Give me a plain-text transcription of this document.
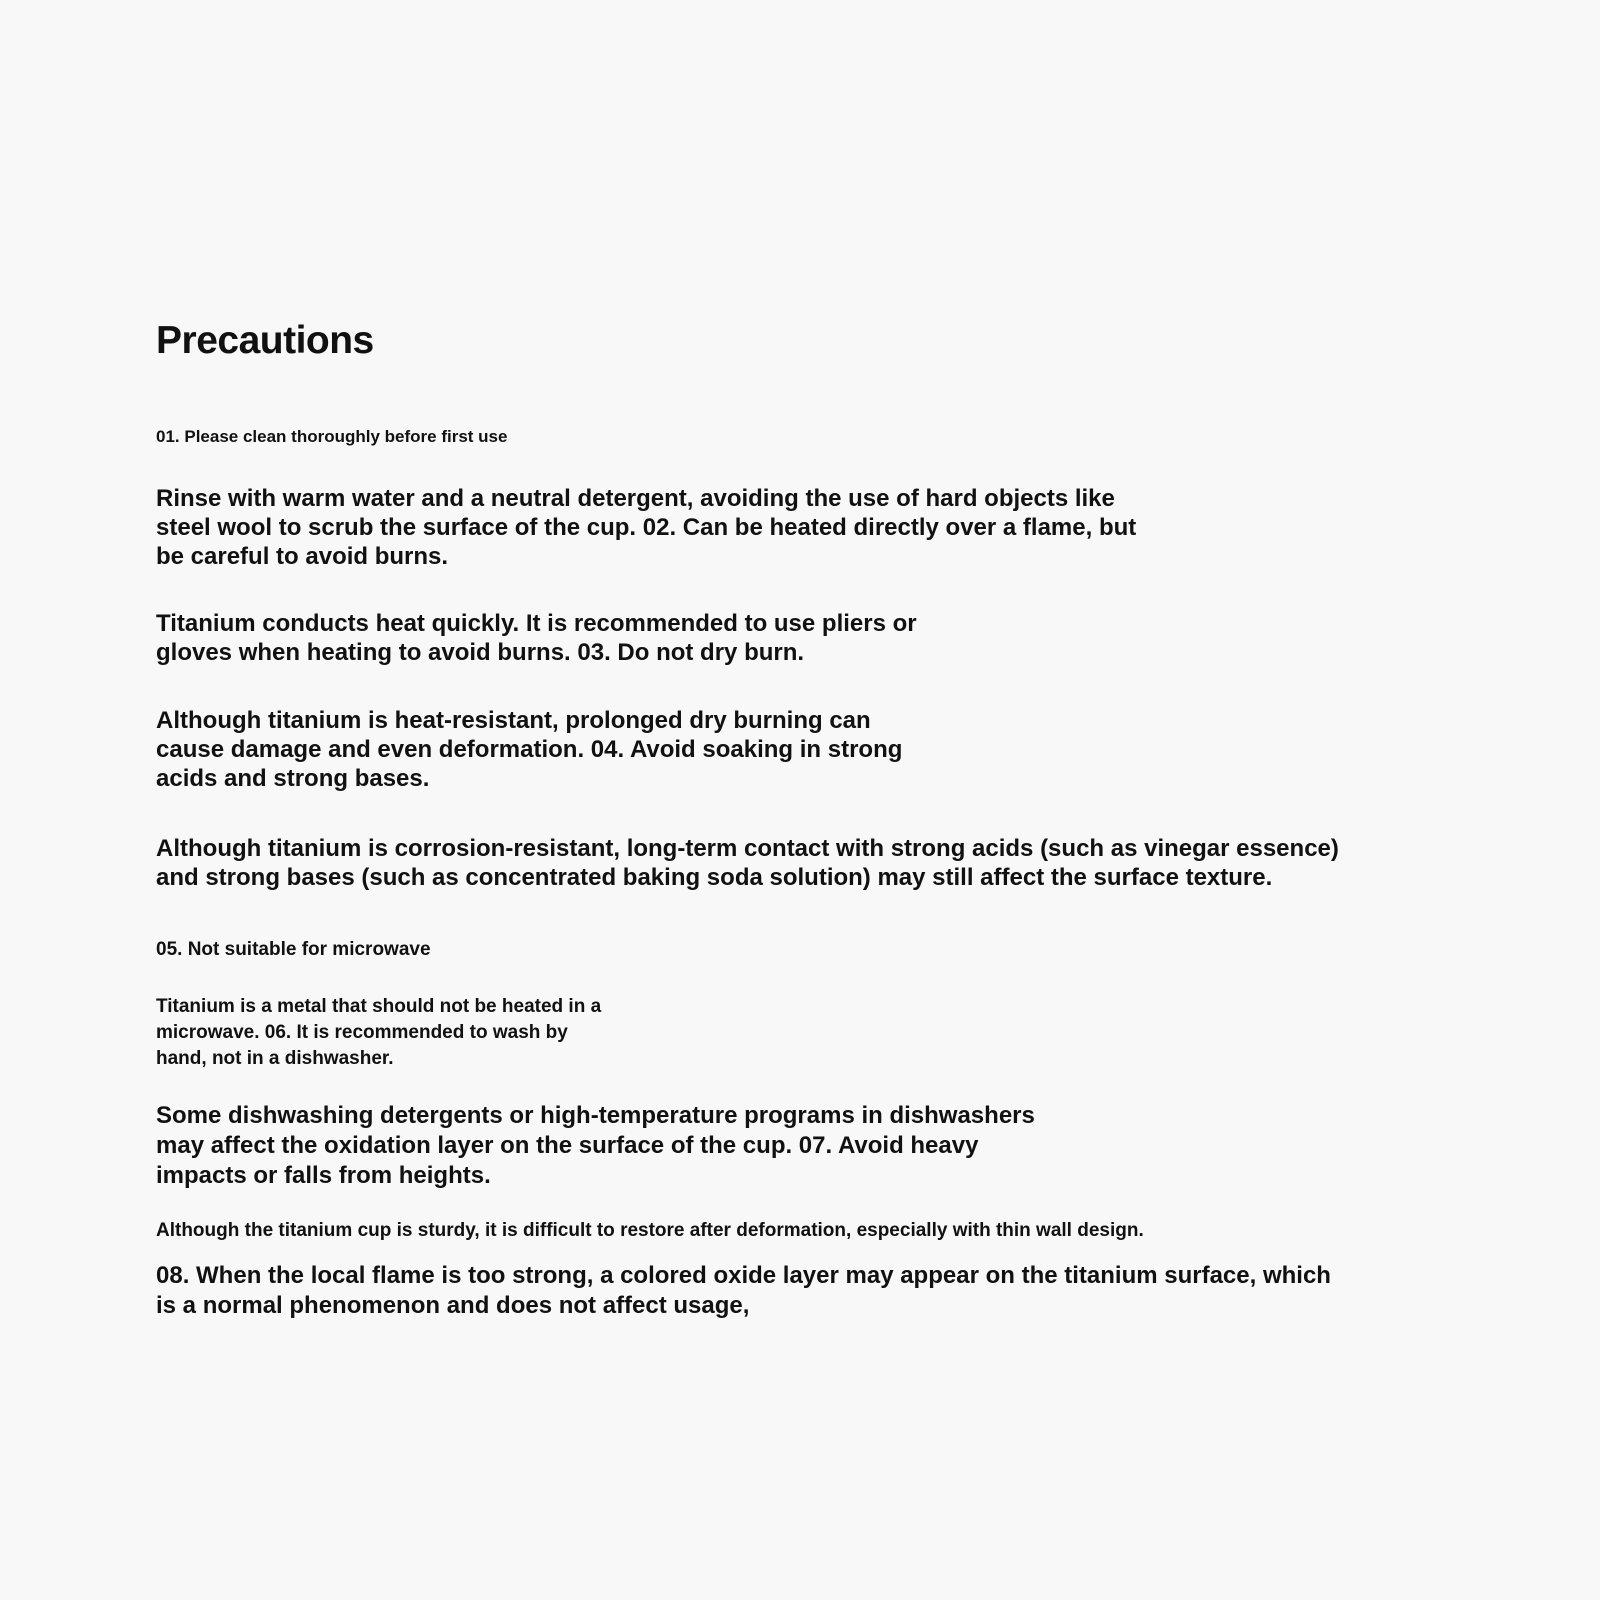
Precautions

01. Please clean thoroughly before first use

Rinse with warm water and a neutral detergent, avoiding the use of hard objects like
steel wool to scrub the surface of the cup. 02. Can be heated directly over a flame, but
be careful to avoid burns.

Titanium conducts heat quickly. It is recommended to use pliers or
gloves when heating to avoid burns. 03. Do not dry burn.

Although titanium is heat-resistant, prolonged dry burning can
cause damage and even deformation. 04. Avoid soaking in strong
acids and strong bases.

Although titanium is corrosion-resistant, long-term contact with strong acids (such as vinegar essence)
and strong bases (such as concentrated baking soda solution) may still affect the surface texture.

05. Not suitable for microwave

Titanium is a metal that should not be heated in a
microwave. 06. It is recommended to wash by
hand, not in a dishwasher.

Some dishwashing detergents or high-temperature programs in dishwashers
may affect the oxidation layer on the surface of the cup. 07. Avoid heavy
impacts or falls from heights.

Although the titanium cup is sturdy, it is difficult to restore after deformation, especially with thin wall design.

08. When the local flame is too strong, a colored oxide layer may appear on the titanium surface, which
is a normal phenomenon and does not affect usage,
